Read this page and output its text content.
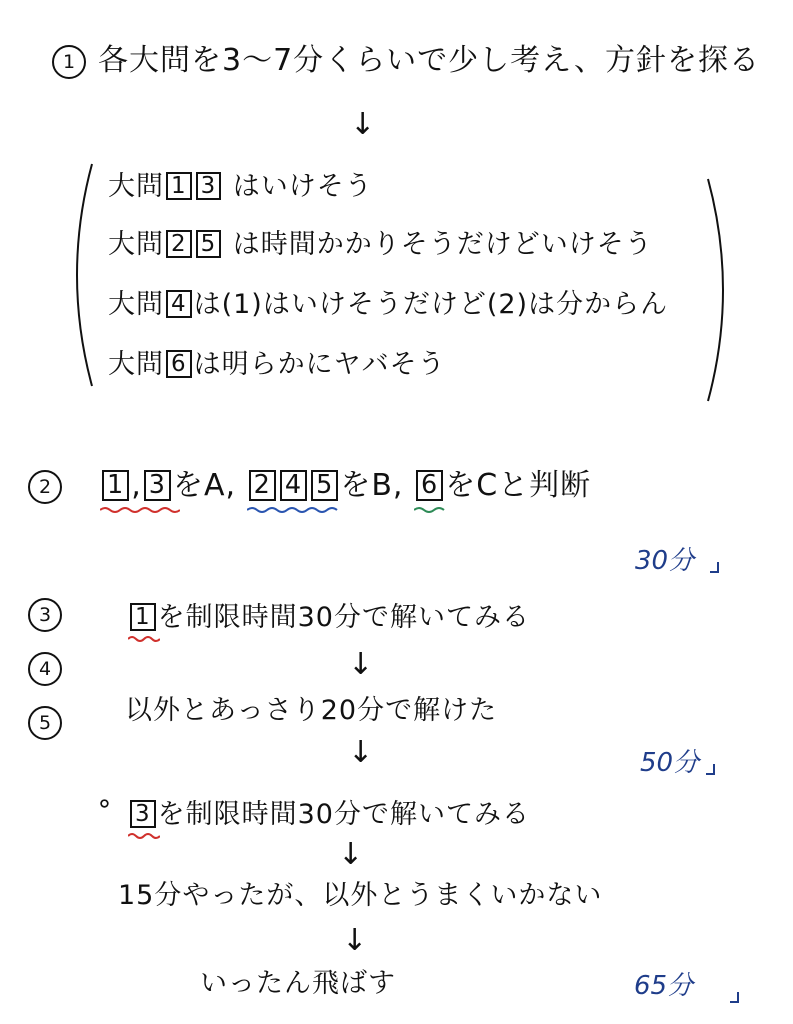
1 各大問を3〜7分くらいで少し考え、方針を探る
↓
大問 1 3 はいけそう
大問 2 5 は時間かかりそうだけどいけそう
大問 4 は(1)はいけそうだけど(2)は分からん
大問 6 は明らかにヤバそう
2	1 , 3 をA, 2 4 5 をB, 6 をCと判断
30分
3
4
5
1 を制限時間30分で解いてみる
↓
以外とあっさり20分で解けた
↓	50分
∘ 3 を制限時間30分で解いてみる
↓
15分やったが、以外とうまくいかない
↓
いったん飛ばす	65分
